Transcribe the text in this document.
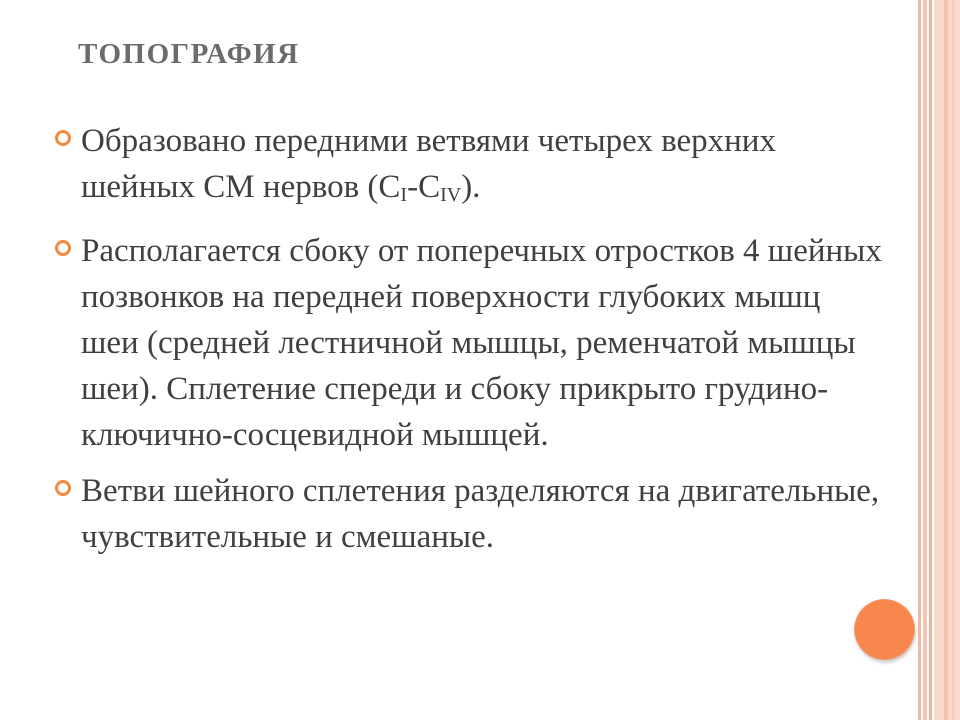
ТОПОГРАФИЯ
Образовано передними ветвями четырех верхних шейных СМ нервов $(C_I-C_{IV})$.
Располагается сбоку от поперечных отростков 4 шейных позвонков на передней поверхности глубоких мышц шеи (средней лестничной мышцы, ременчатой мышцы шеи). Сплетение спереди и сбоку прикрыто грудино-ключично-сосцевидной мышцей.
Ветви шейного сплетения разделяются на двигательные, чувствительные и смешаные.
